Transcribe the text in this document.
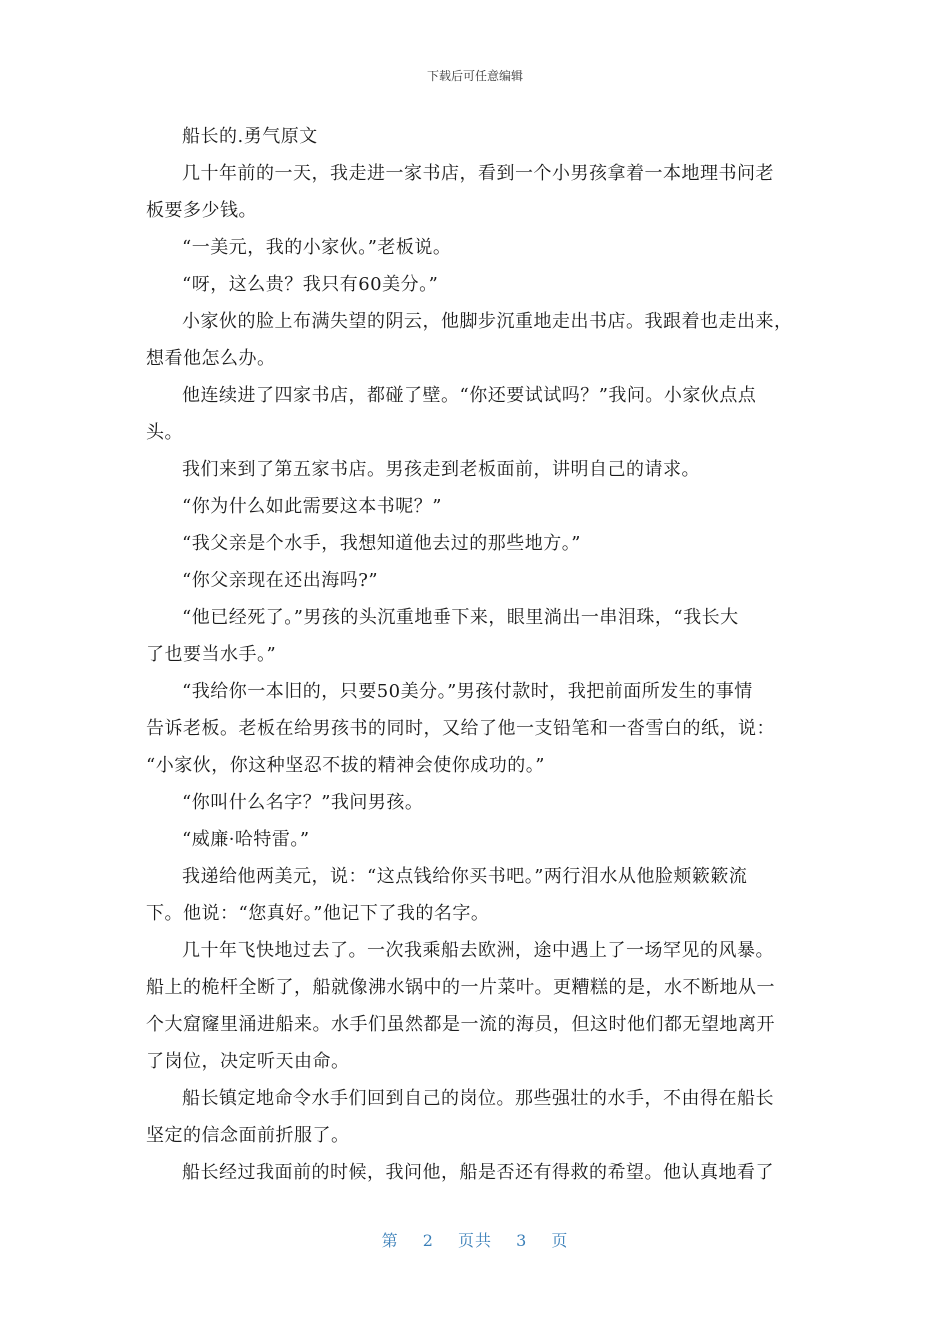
下载后可任意编辑

船长的.勇气原文

几十年前的一天，我走进一家书店，看到一个小男孩拿着一本地理书问老
板要多少钱。

“一美元，我的小家伙。”老板说。

“呀，这么贵？我只有60美分。”

小家伙的脸上布满失望的阴云，他脚步沉重地走出书店。我跟着也走出来，
想看他怎么办。

他连续进了四家书店，都碰了壁。“你还要试试吗？”我问。小家伙点点
头。

我们来到了第五家书店。男孩走到老板面前，讲明自己的请求。

“你为什么如此需要这本书呢？”

“我父亲是个水手，我想知道他去过的那些地方。”

“你父亲现在还出海吗?”

“他已经死了。”男孩的头沉重地垂下来，眼里淌出一串泪珠，“我长大
了也要当水手。”

“我给你一本旧的，只要50美分。”男孩付款时，我把前面所发生的事情
告诉老板。老板在给男孩书的同时，又给了他一支铅笔和一沓雪白的纸，说：
“小家伙，你这种坚忍不拔的精神会使你成功的。”

“你叫什么名字？”我问男孩。

“威廉·哈特雷。”

我递给他两美元，说：“这点钱给你买书吧。”两行泪水从他脸颊簌簌流
下。他说：“您真好。”他记下了我的名字。

几十年飞快地过去了。一次我乘船去欧洲，途中遇上了一场罕见的风暴。
船上的桅杆全断了，船就像沸水锅中的一片菜叶。更糟糕的是，水不断地从一
个大窟窿里涌进船来。水手们虽然都是一流的海员，但这时他们都无望地离开
了岗位，决定听天由命。

船长镇定地命令水手们回到自己的岗位。那些强壮的水手，不由得在船长
坚定的信念面前折服了。

船长经过我面前的时候，我问他，船是否还有得救的希望。他认真地看了

第 2 页共 3 页
